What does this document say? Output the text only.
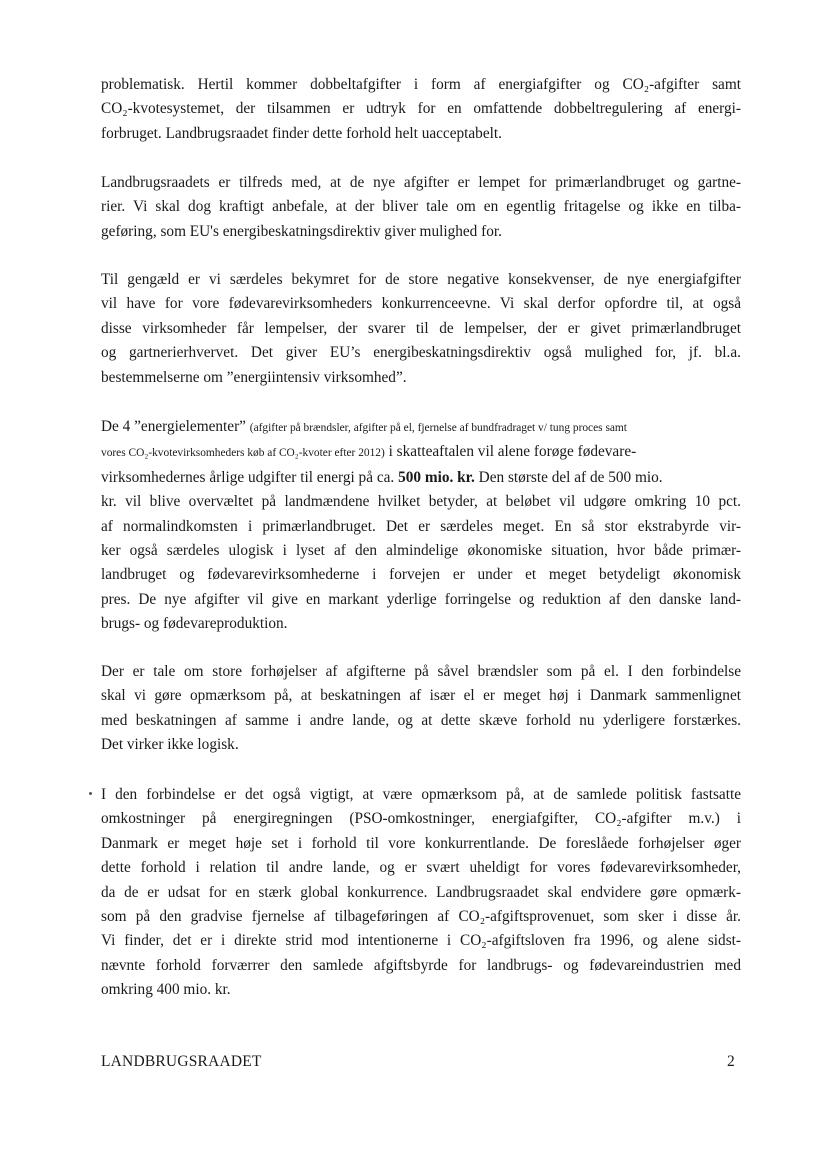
problematisk. Hertil kommer dobbeltafgifter i form af energiafgifter og CO₂-afgifter samt
CO₂-kvotesystemet, der tilsammen er udtryk for en omfattende dobbeltregulering af energi-
forbruget. Landbrugsraadet finder dette forhold helt uacceptabelt.

Landbrugsraadets er tilfreds med, at de nye afgifter er lempet for primærlandbruget og gartne-
rier. Vi skal dog kraftigt anbefale, at der bliver tale om en egentlig fritagelse og ikke en tilba-
geføring, som EU's energibeskatningsdirektiv giver mulighed for.

Til gengæld er vi særdeles bekymret for de store negative konsekvenser, de nye energiafgifter
vil have for vore fødevarevirksomheders konkurrenceevne. Vi skal derfor opfordre til, at også
disse virksomheder får lempelser, der svarer til de lempelser, der er givet primærlandbruget
og gartnerierhvervet. Det giver EU’s energibeskatningsdirektiv også mulighed for, jf. bl.a.
bestemmelserne om ”energiintensiv virksomhed”.

De 4 ”energielementer” (afgifter på brændsler, afgifter på el, fjernelse af bundfradraget v/ tung proces samt
vores CO₂-kvotevirksomheders køb af CO₂-kvoter efter 2012) i skatteaftalen vil alene forøge fødevare-
virksomhedernes årlige udgifter til energi på ca. 500 mio. kr. Den største del af de 500 mio.
kr. vil blive overvæltet på landmændene hvilket betyder, at beløbet vil udgøre omkring 10 pct.
af normalindkomsten i primærlandbruget. Det er særdeles meget. En så stor ekstrabyrde vir-
ker også særdeles ulogisk i lyset af den almindelige økonomiske situation, hvor både primær-
landbruget og fødevarevirksomhederne i forvejen er under et meget betydeligt økonomisk
pres. De nye afgifter vil give en markant yderlige forringelse og reduktion af den danske land-
brugs- og fødevareproduktion.

Der er tale om store forhøjelser af afgifterne på såvel brændsler som på el. I den forbindelse
skal vi gøre opmærksom på, at beskatningen af især el er meget høj i Danmark sammenlignet
med beskatningen af samme i andre lande, og at dette skæve forhold nu yderligere forstærkes.
Det virker ikke logisk.

I den forbindelse er det også vigtigt, at være opmærksom på, at de samlede politisk fastsatte
omkostninger på energiregningen (PSO-omkostninger, energiafgifter, CO₂-afgifter m.v.) i
Danmark er meget høje set i forhold til vore konkurrentlande. De foreslåede forhøjelser øger
dette forhold i relation til andre lande, og er svært uheldigt for vores fødevarevirksomheder,
da de er udsat for en stærk global konkurrence. Landbrugsraadet skal endvidere gøre opmærk-
som på den gradvise fjernelse af tilbageføringen af CO₂-afgiftsprovenuet, som sker i disse år.
Vi finder, det er i direkte strid mod intentionerne i CO₂-afgiftsloven fra 1996, og alene sidst-
nævnte forhold forværrer den samlede afgiftsbyrde for landbrugs- og fødevareindustrien med
omkring 400 mio. kr.

LANDBRUGSRAADET	2
